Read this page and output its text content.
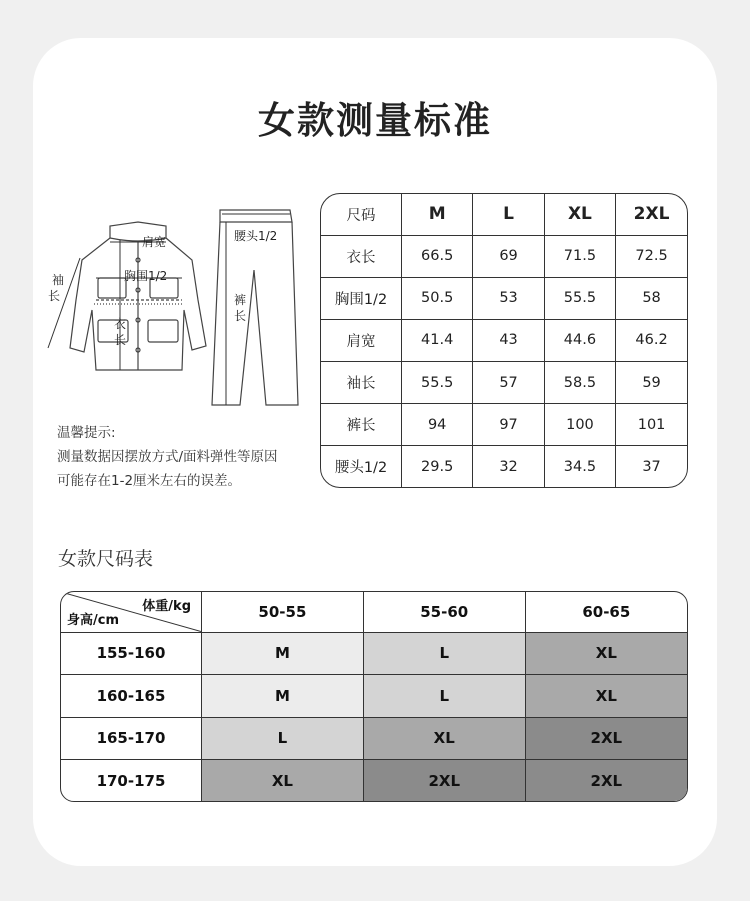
女款测量标准
肩宽
胸围1/2
袖
长
衣
长
腰头1/2
裤
长
温馨提示:
测量数据因摆放方式/面料弹性等原因
可能存在1-2厘米左右的误差。
尺码	M	L	XL	2XL
衣长	66.5	69	71.5	72.5
胸围1/2	50.5	53	55.5	58
肩宽	41.4	43	44.6	46.2
袖长	55.5	57	58.5	59
裤长	94	97	100	101
腰头1/2	29.5	32	34.5	37
女款尺码表
体重/kg
身高/cm	50-55	55-60	60-65
155-160	M	L	XL
160-165	M	L	XL
165-170	L	XL	2XL
170-175	XL	2XL	2XL
